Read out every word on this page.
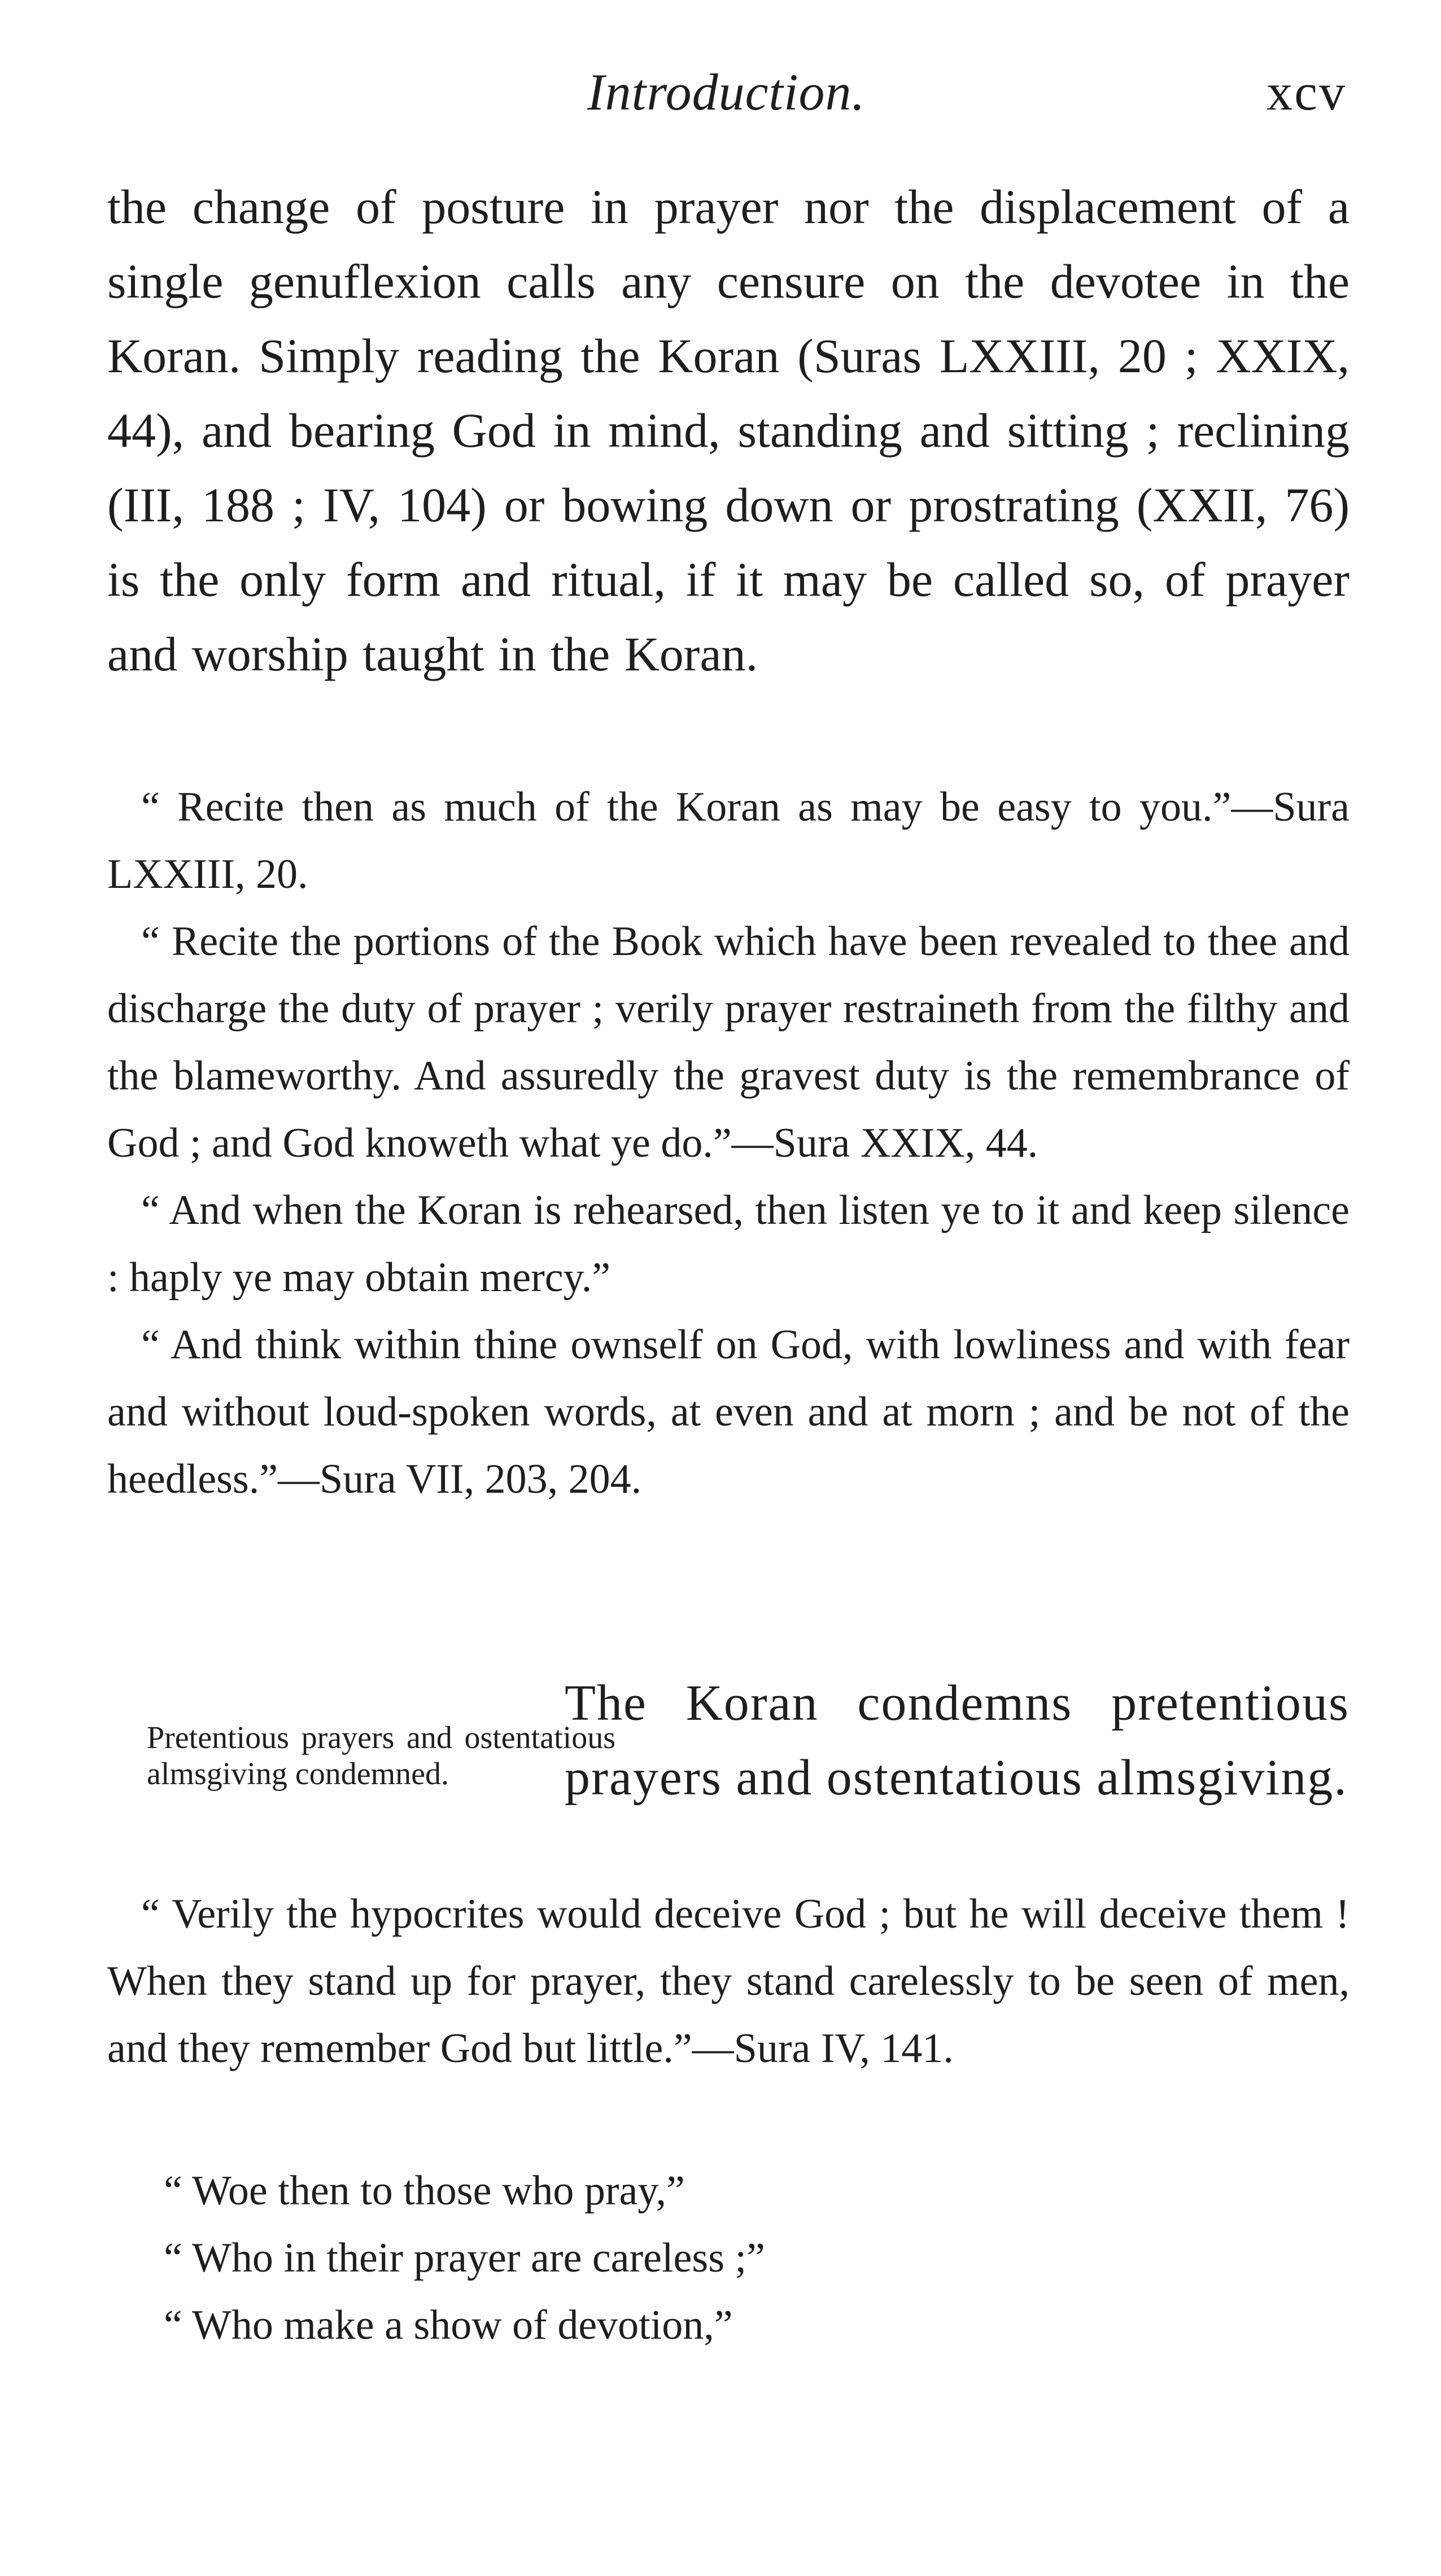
Introduction.	xcv
the change of posture in prayer nor the displacement of a single genuflexion calls any censure on the devotee in the Koran. Simply reading the Koran (Suras LXXIII, 20 ; XXIX, 44), and bearing God in mind, standing and sitting ; reclining (III, 188 ; IV, 104) or bowing down or prostrating (XXII, 76) is the only form and ritual, if it may be called so, of prayer and worship taught in the Koran.

“ Recite then as much of the Koran as may be easy to you.”—Sura LXXIII, 20.

“ Recite the portions of the Book which have been revealed to thee and discharge the duty of prayer ; verily prayer restraineth from the filthy and the blameworthy. And assuredly the gravest duty is the remembrance of God ; and God knoweth what ye do.”—Sura XXIX, 44.

“ And when the Koran is rehearsed, then listen ye to it and keep silence : haply ye may obtain mercy.”

“ And think within thine ownself on God, with lowliness and with fear and without loud-spoken words, at even and at morn ; and be not of the heedless.”—Sura VII, 203, 204.

Pretentious prayers and ostentatious almsgiving condemned.
The Koran condemns pretentious prayers and ostentatious almsgiving.

“ Verily the hypocrites would deceive God ; but he will deceive them ! When they stand up for prayer, they stand carelessly to be seen of men, and they remember God but little.”—Sura IV, 141.

“ Woe then to those who pray,”
“ Who in their prayer are careless ;”
“ Who make a show of devotion,”
